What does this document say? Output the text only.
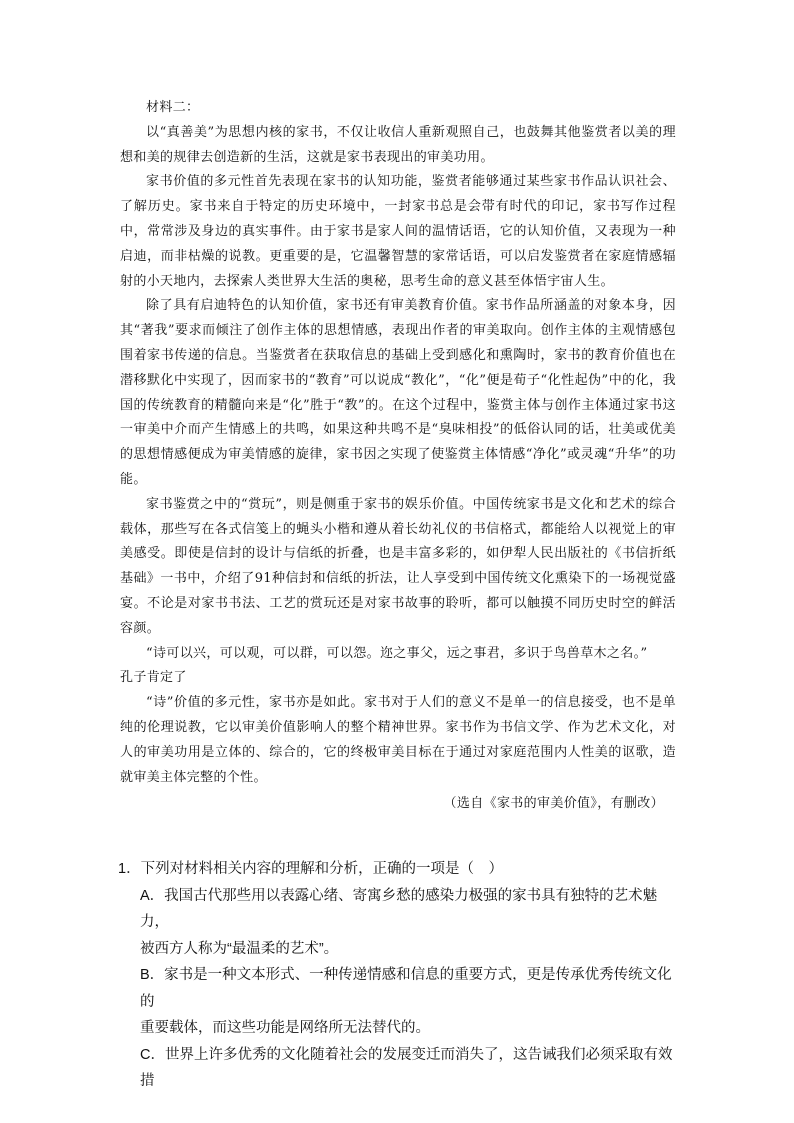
材料二：

以“真善美”为思想内核的家书，不仅让收信人重新观照自己，也鼓舞其他鉴赏者以美的理想和美的规律去创造新的生活，这就是家书表现出的审美功用。

家书价值的多元性首先表现在家书的认知功能，鉴赏者能够通过某些家书作品认识社会、了解历史。家书来自于特定的历史环境中，一封家书总是会带有时代的印记，家书写作过程中，常常涉及身边的真实事件。由于家书是家人间的温情话语，它的认知价值，又表现为一种启迪，而非枯燥的说教。更重要的是，它温馨智慧的家常话语，可以启发鉴赏者在家庭情感辐射的小天地内，去探索人类世界大生活的奥秘，思考生命的意义甚至体悟宇宙人生。

除了具有启迪特色的认知价值，家书还有审美教育价值。家书作品所涵盖的对象本身，因其“著我”要求而倾注了创作主体的思想情感，表现出作者的审美取向。创作主体的主观情感包围着家书传递的信息。当鉴赏者在获取信息的基础上受到感化和熏陶时，家书的教育价值也在潜移默化中实现了，因而家书的“教育”可以说成“教化”，“化”便是荀子“化性起伪”中的化，我国的传统教育的精髓向来是“化”胜于“教”的。在这个过程中，鉴赏主体与创作主体通过家书这一审美中介而产生情感上的共鸣，如果这种共鸣不是“臭味相投”的低俗认同的话，壮美或优美的思想情感便成为审美情感的旋律，家书因之实现了使鉴赏主体情感“净化”或灵魂“升华”的功能。

家书鉴赏之中的“赏玩”，则是侧重于家书的娱乐价值。中国传统家书是文化和艺术的综合载体，那些写在各式信笺上的蝇头小楷和遵从着长幼礼仪的书信格式，都能给人以视觉上的审美感受。即使是信封的设计与信纸的折叠，也是丰富多彩的，如伊犁人民出版社的《书信折纸基础》一书中，介绍了91种信封和信纸的折法，让人享受到中国传统文化熏染下的一场视觉盛宴。不论是对家书书法、工艺的赏玩还是对家书故事的聆听，都可以触摸不同历史时空的鲜活容颜。

“诗可以兴，可以观，可以群，可以怨。迩之事父，远之事君，多识于鸟兽草木之名。”

孔子肯定了

“诗”价值的多元性，家书亦是如此。家书对于人们的意义不是单一的信息接受，也不是单纯的伦理说教，它以审美价值影响人的整个精神世界。家书作为书信文学、作为艺术文化，对人的审美功用是立体的、综合的，它的终极审美目标在于通过对家庭范围内人性美的讴歌，造就审美主体完整的个性。

（选自《家书的审美价值》，有删改）

1．下列对材料相关内容的理解和分析，正确的一项是（　）

A．我国古代那些用以表露心绪、寄寓乡愁的感染力极强的家书具有独特的艺术魅力，

被西方人称为“最温柔的艺术”。

B．家书是一种文本形式、一种传递情感和信息的重要方式，更是传承优秀传统文化的

重要载体，而这些功能是网络所无法替代的。

C．世界上许多优秀的文化随着社会的发展变迁而消失了，这告诫我们必须采取有效措
